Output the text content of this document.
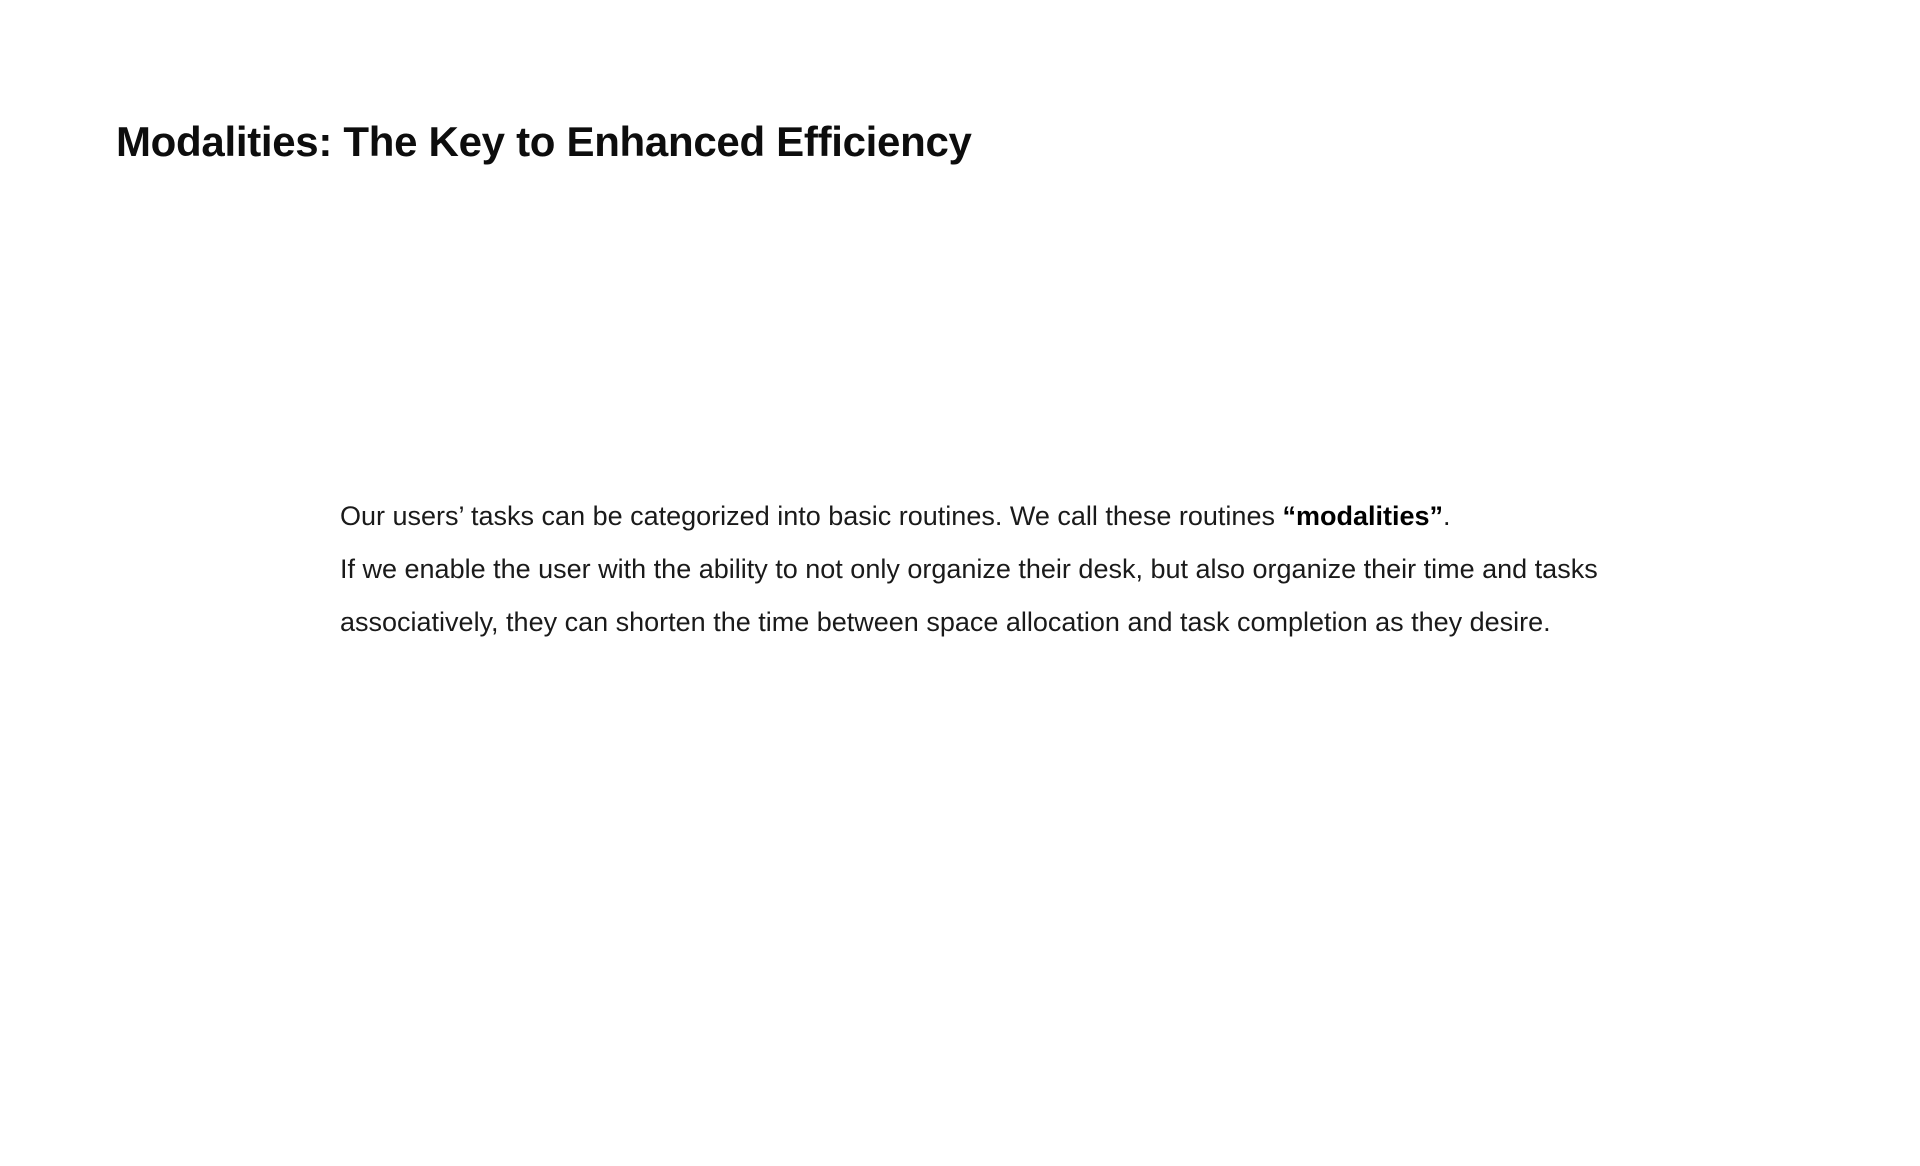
Modalities: The Key to Enhanced Efficiency

Our users’ tasks can be categorized into basic routines. We call these routines “modalities”.

If we enable the user with the ability to not only organize their desk, but also organize their time and tasks associatively, they can shorten the time between space allocation and task completion as they desire.
